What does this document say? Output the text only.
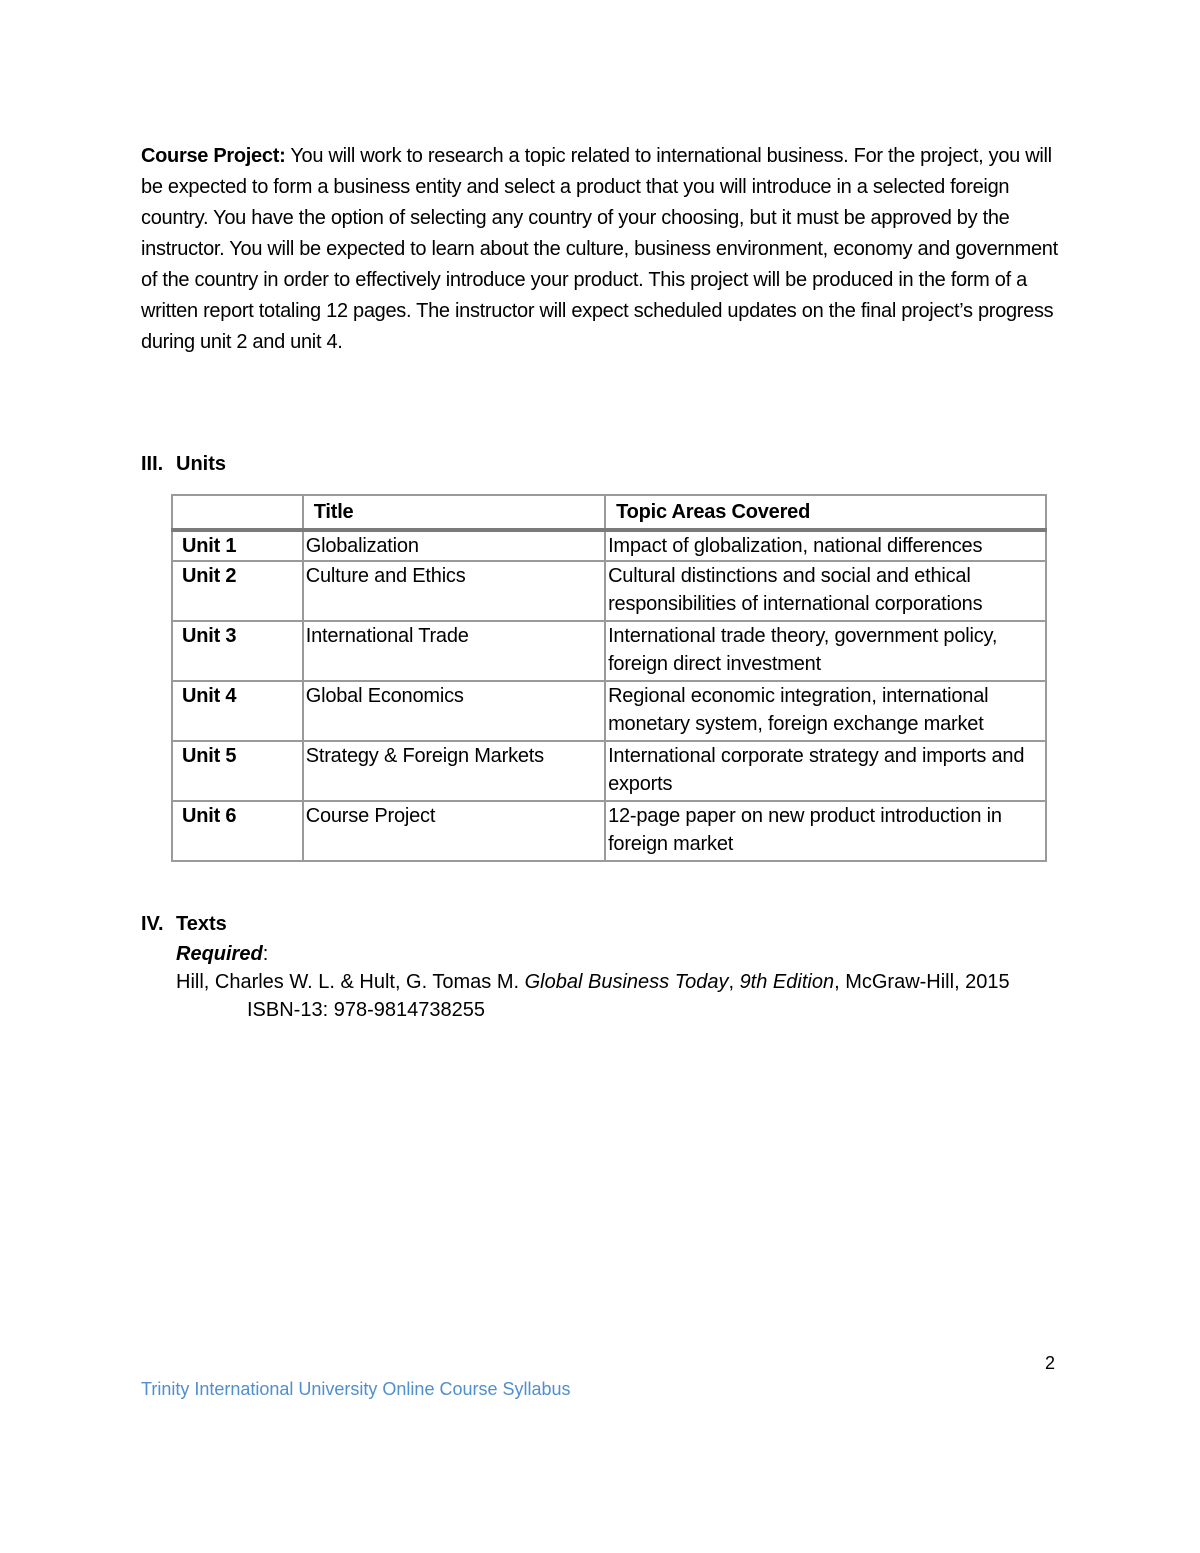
Course Project: You will work to research a topic related to international business. For the project, you will be expected to form a business entity and select a product that you will introduce in a selected foreign country. You have the option of selecting any country of your choosing, but it must be approved by the instructor. You will be expected to learn about the culture, business environment, economy and government of the country in order to effectively introduce your product. This project will be produced in the form of a written report totaling 12 pages. The instructor will expect scheduled updates on the final project’s progress during unit 2 and unit 4.

III. Units
	Title	Topic Areas Covered
Unit 1	Globalization	Impact of globalization, national differences
Unit 2	Culture and Ethics	Cultural distinctions and social and ethical responsibilities of international corporations
Unit 3	International Trade	International trade theory, government policy, foreign direct investment
Unit 4	Global Economics	Regional economic integration, international monetary system, foreign exchange market
Unit 5	Strategy & Foreign Markets	International corporate strategy and imports and exports
Unit 6	Course Project	12-page paper on new product introduction in foreign market
IV. Texts

Required:

Hill, Charles W. L. & Hult, G. Tomas M. Global Business Today, 9th Edition, McGraw-Hill, 2015

ISBN-13: 978-9814738255

2

Trinity International University Online Course Syllabus
